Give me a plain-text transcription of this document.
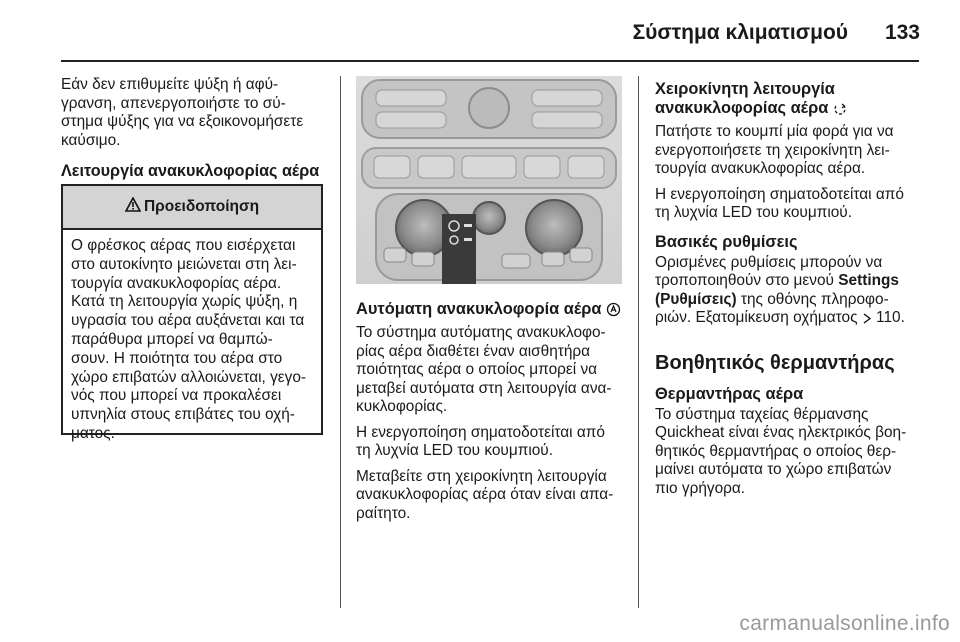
Σύστημα κλιματισμού 133

Εάν δεν επιθυμείτε ψύξη ή αφύ-
γρανση, απενεργοποιήστε το σύ-
στημα ψύξης για να εξοικονομήσετε
καύσιμο.

Λειτουργία ανακυκλοφορίας αέρα
Προειδοποίηση
Ο φρέσκος αέρας που εισέρχεται στο αυτοκίνητο μειώνεται στη λει- τουργία ανακυκλοφορίας αέρα. Κατά τη λειτουργία χωρίς ψύξη, η υγρασία του αέρα αυξάνεται και τα παράθυρα μπορεί να θαμπώ- σουν. Η ποιότητα του αέρα στο χώρο επιβατών αλλοιώνεται, γεγο- νός που μπορεί να προκαλέσει υπνηλία στους επιβάτες του οχή- ματος.
Αυτόματη ανακυκλοφορία αέρα

Το σύστημα αυτόματης ανακυκλοφο-
ρίας αέρα διαθέτει έναν αισθητήρα
ποιότητας αέρα ο οποίος μπορεί να
μεταβεί αυτόματα στη λειτουργία ανα-
κυκλοφορίας.

Η ενεργοποίηση σηματοδοτείται από
τη λυχνία LED του κουμπιού.

Μεταβείτε στη χειροκίνητη λειτουργία
ανακυκλοφορίας αέρα όταν είναι απα-
ραίτητο.

Χειροκίνητη λειτουργία
ανακυκλοφορίας αέρα

Πατήστε το κουμπί μία φορά για να
ενεργοποιήσετε τη χειροκίνητη λει-
τουργία ανακυκλοφορίας αέρα.

Η ενεργοποίηση σηματοδοτείται από
τη λυχνία LED του κουμπιού.

Βασικές ρυθμίσεις

Ορισμένες ρυθμίσεις μπορούν να
τροποποιηθούν στο μενού Settings
(Ρυθμίσεις) της οθόνης πληροφο-
ριών. Εξατομίκευση οχήματος  110.

Βοηθητικός θερμαντήρας
Θερμαντήρας αέρα

Το σύστημα ταχείας θέρμανσης
Quickheat είναι ένας ηλεκτρικός βοη-
θητικός θερμαντήρας ο οποίος θερ-
μαίνει αυτόματα το χώρο επιβατών
πιο γρήγορα.

carmanualsonline.info
